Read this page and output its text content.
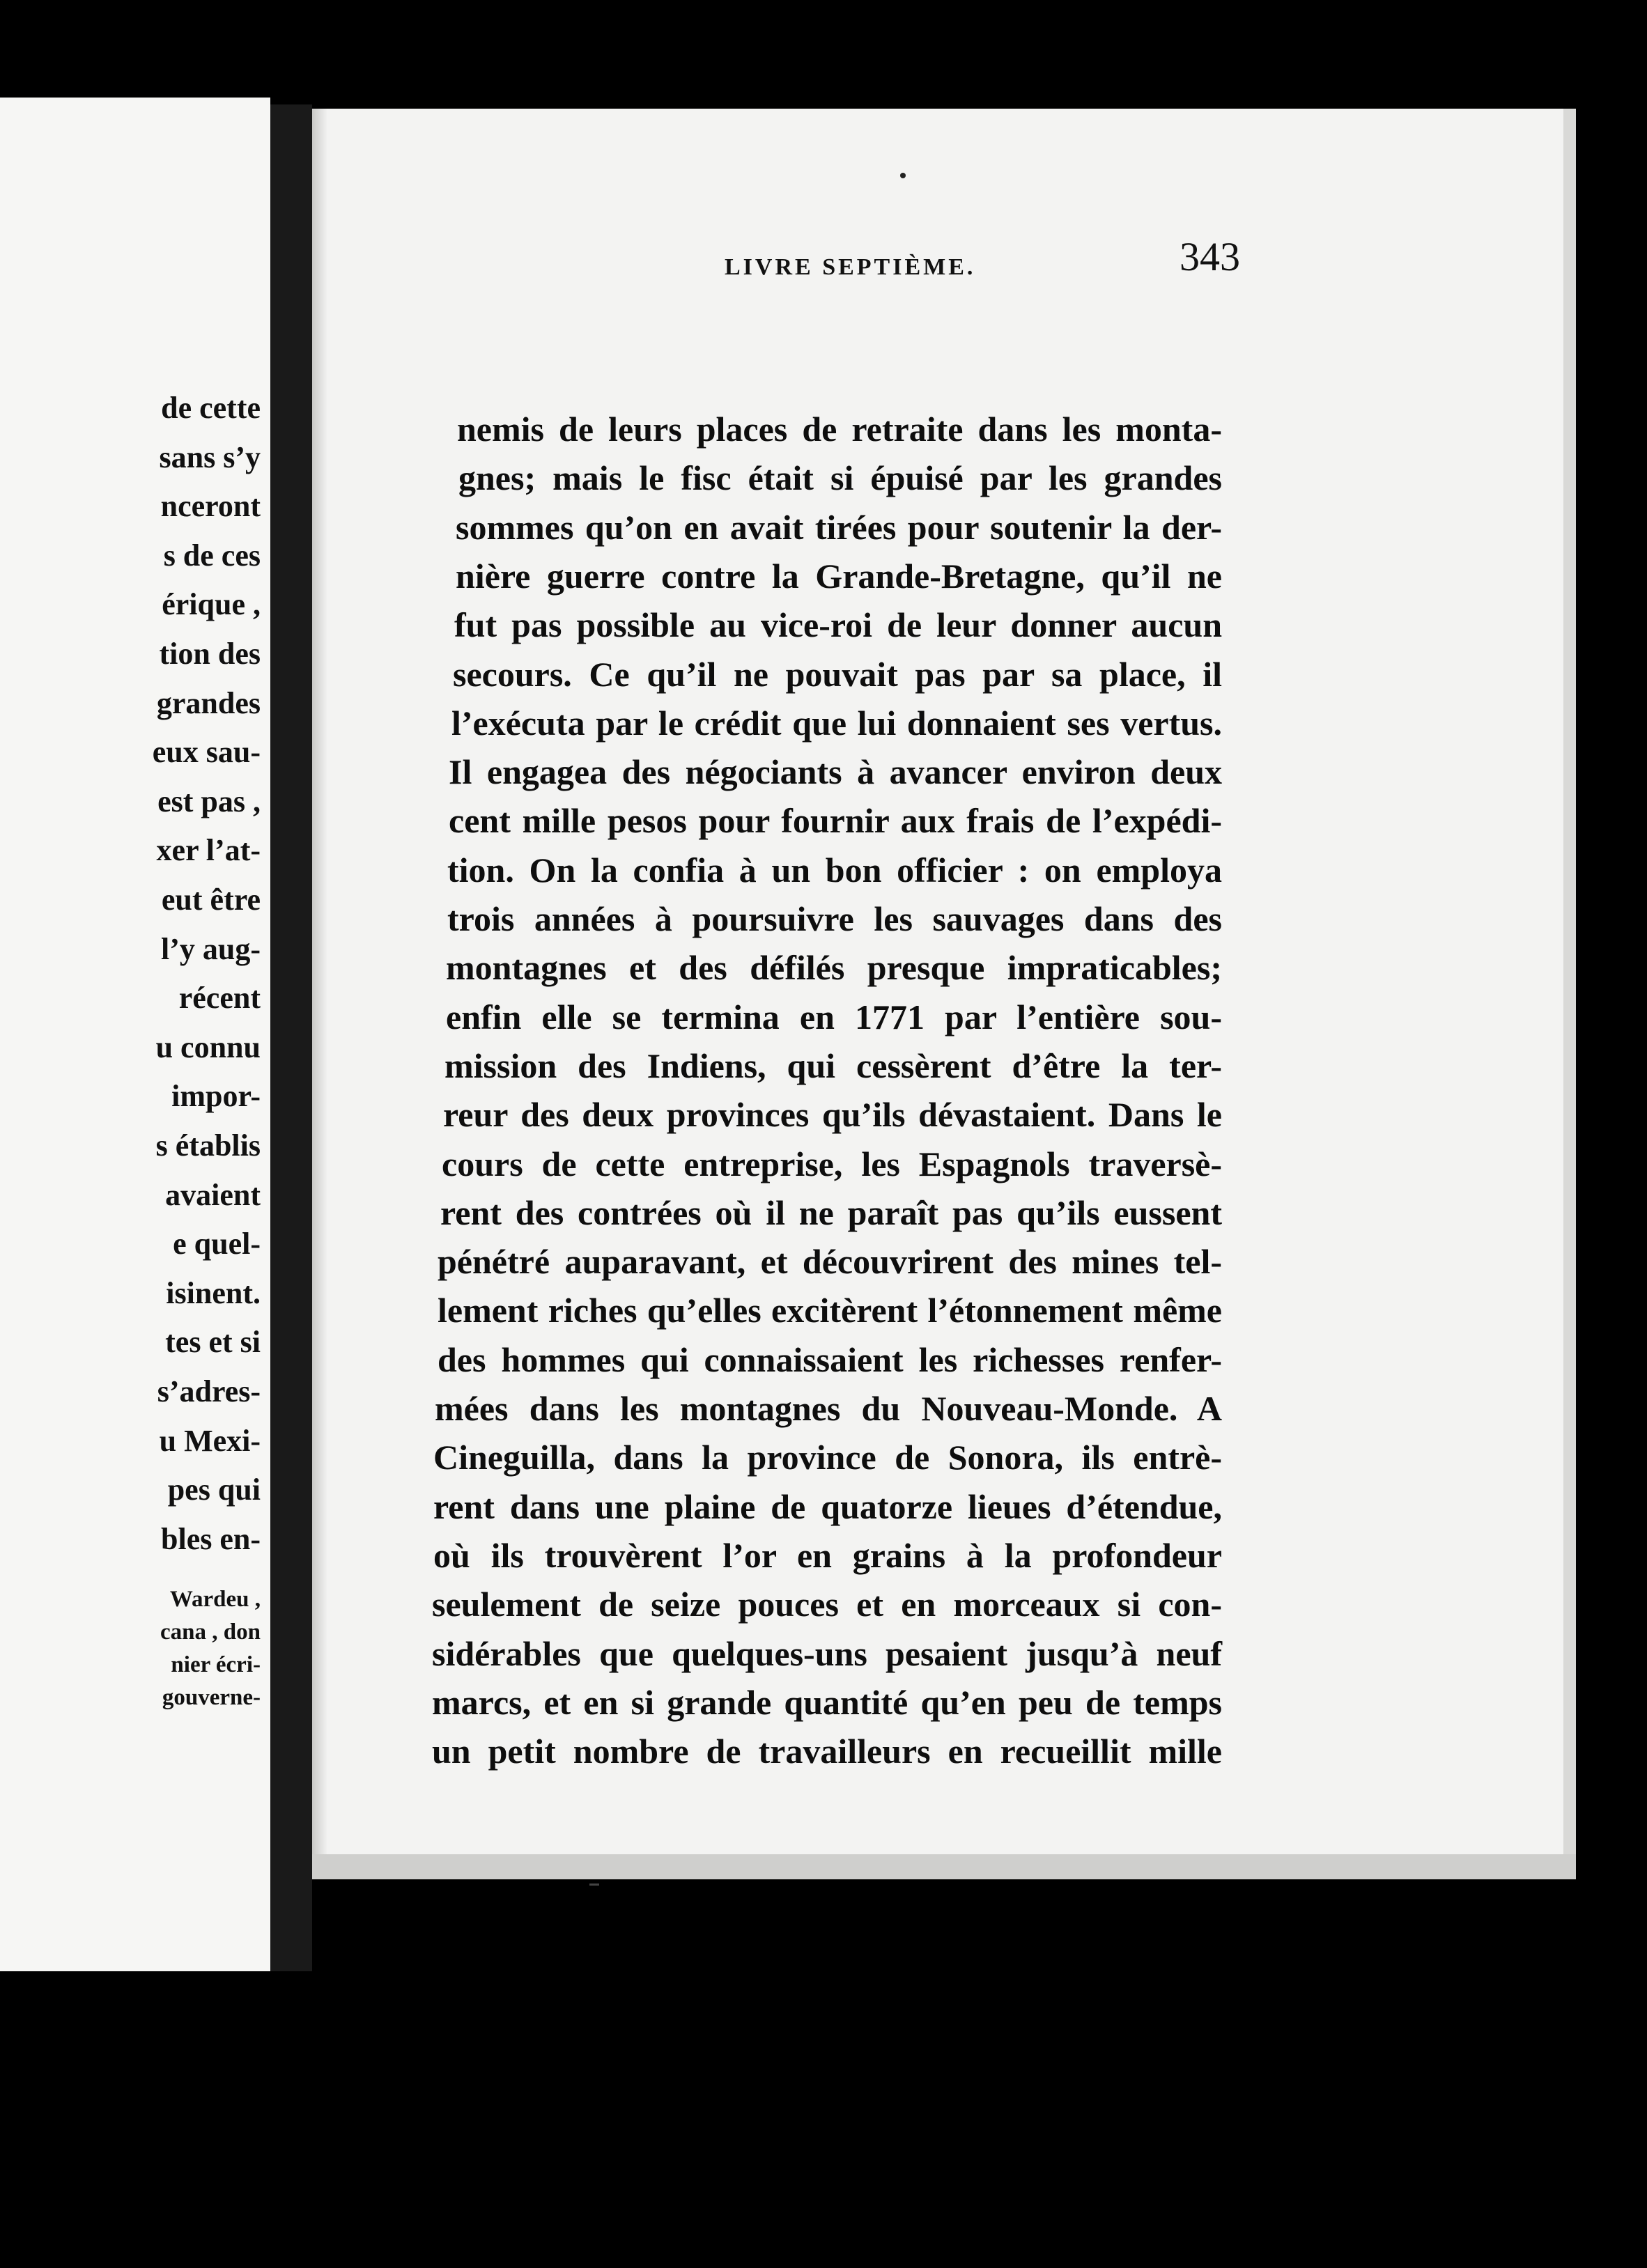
de cette
sans s’y
nceront
s de ces
érique ,
tion des
grandes
eux sau-
est pas ,
xer l’at-
eut être
l’y aug-
récent
u connu
impor-
s établis
avaient
e quel-
isinent.
tes et si
s’adres-
u Mexi-
pes qui
bles en-
Wardeu ,
cana , don
nier écri-
gouverne-
LIVRE SEPTIÈME.	343
nemis de leurs places de retraite dans les monta-
gnes; mais le fisc était si épuisé par les grandes
sommes qu’on en avait tirées pour soutenir la der-
nière guerre contre la Grande-Bretagne, qu’il ne
fut pas possible au vice-roi de leur donner aucun
secours. Ce qu’il ne pouvait pas par sa place, il
l’exécuta par le crédit que lui donnaient ses vertus.
Il engagea des négociants à avancer environ deux
cent mille pesos pour fournir aux frais de l’expédi-
tion. On la confia à un bon officier : on employa
trois années à poursuivre les sauvages dans des
montagnes et des défilés presque impraticables;
enfin elle se termina en 1771 par l’entière sou-
mission des Indiens, qui cessèrent d’être la ter-
reur des deux provinces qu’ils dévastaient. Dans le
cours de cette entreprise, les Espagnols traversè-
rent des contrées où il ne paraît pas qu’ils eussent
pénétré auparavant, et découvrirent des mines tel-
lement riches qu’elles excitèrent l’étonnement même
des hommes qui connaissaient les richesses renfer-
mées dans les montagnes du Nouveau-Monde. A
Cineguilla, dans la province de Sonora, ils entrè-
rent dans une plaine de quatorze lieues d’étendue,
où ils trouvèrent l’or en grains à la profondeur
seulement de seize pouces et en morceaux si con-
sidérables que quelques-uns pesaient jusqu’à neuf
marcs, et en si grande quantité qu’en peu de temps
un petit nombre de travailleurs en recueillit mille
